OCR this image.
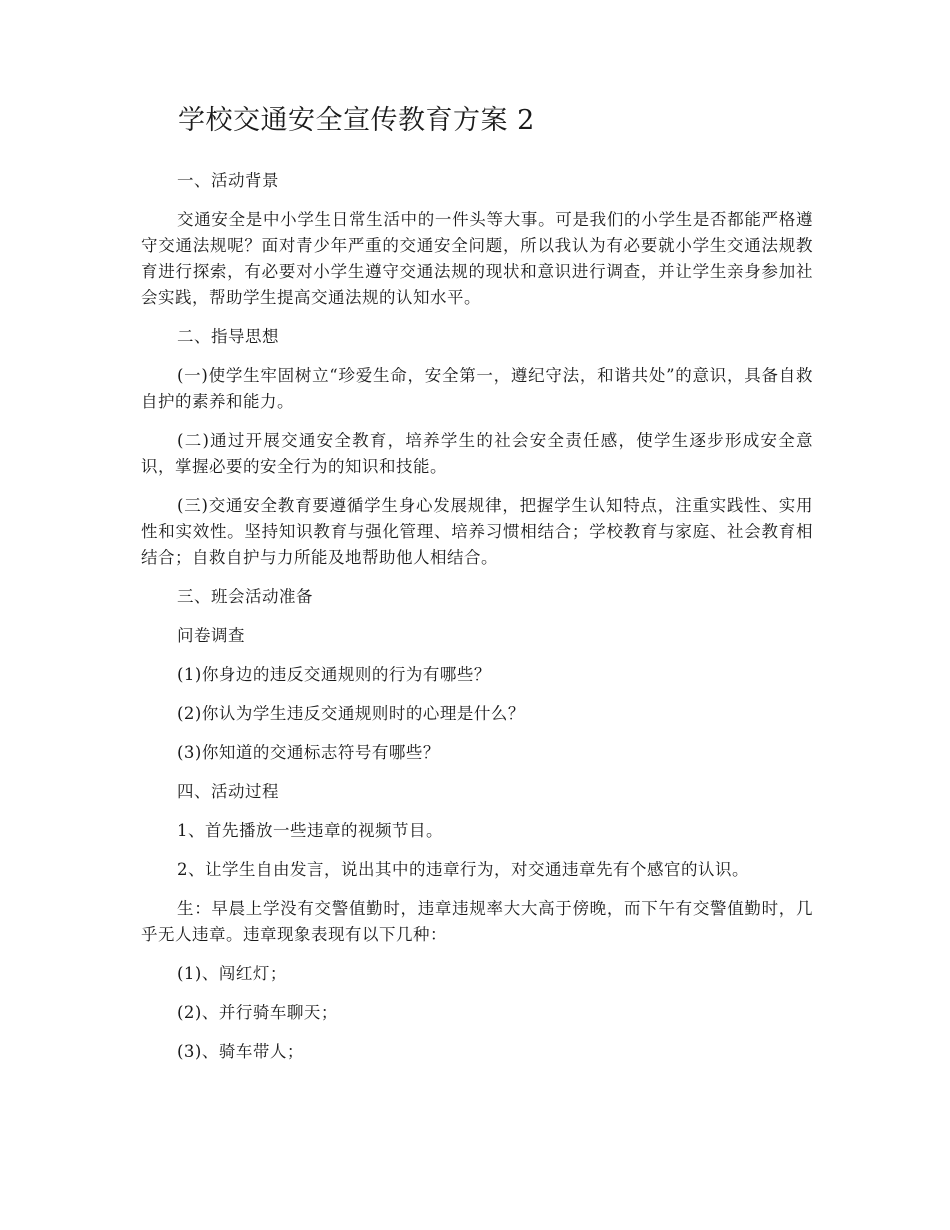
学校交通安全宣传教育方案 2

一、活动背景

交通安全是中小学生日常生活中的一件头等大事。可是我们的小学生是否都能严格遵守交通法规呢？面对青少年严重的交通安全问题，所以我认为有必要就小学生交通法规教育进行探索，有必要对小学生遵守交通法规的现状和意识进行调查，并让学生亲身参加社会实践，帮助学生提高交通法规的认知水平。

二、指导思想

(一)使学生牢固树立“珍爱生命，安全第一，遵纪守法，和谐共处”的意识，具备自救自护的素养和能力。

(二)通过开展交通安全教育，培养学生的社会安全责任感，使学生逐步形成安全意识，掌握必要的安全行为的知识和技能。

(三)交通安全教育要遵循学生身心发展规律，把握学生认知特点，注重实践性、实用性和实效性。坚持知识教育与强化管理、培养习惯相结合；学校教育与家庭、社会教育相结合；自救自护与力所能及地帮助他人相结合。

三、班会活动准备

问卷调查

(1)你身边的违反交通规则的行为有哪些？

(2)你认为学生违反交通规则时的心理是什么？

(3)你知道的交通标志符号有哪些？

四、活动过程

1、首先播放一些违章的视频节目。

2、让学生自由发言，说出其中的违章行为，对交通违章先有个感官的认识。

生：早晨上学没有交警值勤时，违章违规率大大高于傍晚，而下午有交警值勤时，几乎无人违章。违章现象表现有以下几种：

(1)、闯红灯；

(2)、并行骑车聊天；

(3)、骑车带人；
